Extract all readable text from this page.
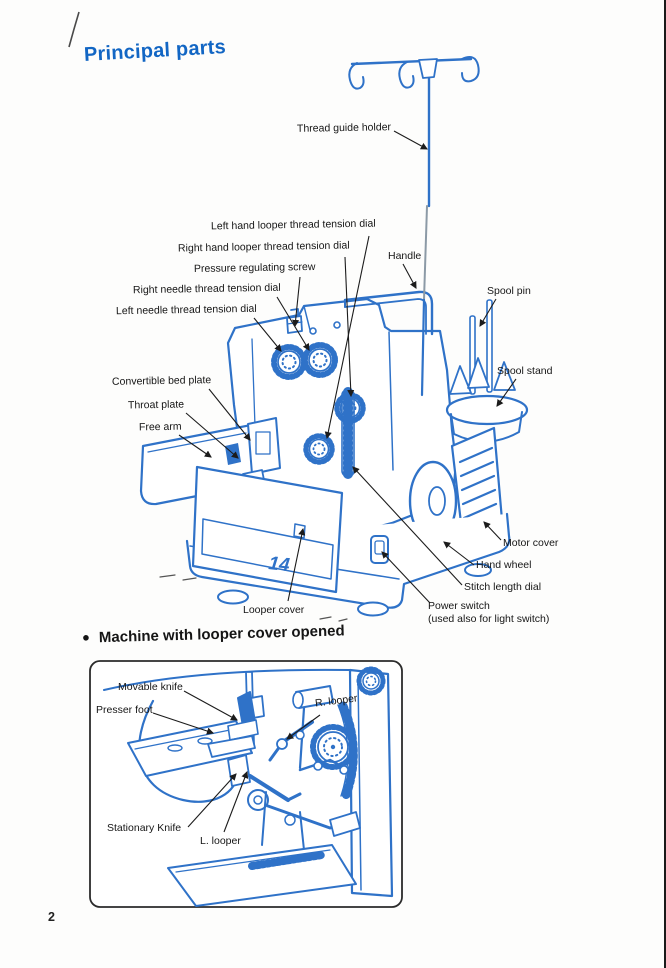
14
Principal parts
Thread guide holder
Left hand looper thread tension dial
Right hand looper thread tension dial
Pressure regulating screw
Right needle thread tension dial
Left needle thread tension dial
Handle
Spool pin
Spool stand
Convertible bed plate
Throat plate
Free arm
Motor cover
Hand wheel
Stitch length dial
Power switch
(used also for light switch)
Looper cover
● Machine with looper cover opened
Movable knife
Presser foot
R. looper
Stationary Knife
L. looper
2
